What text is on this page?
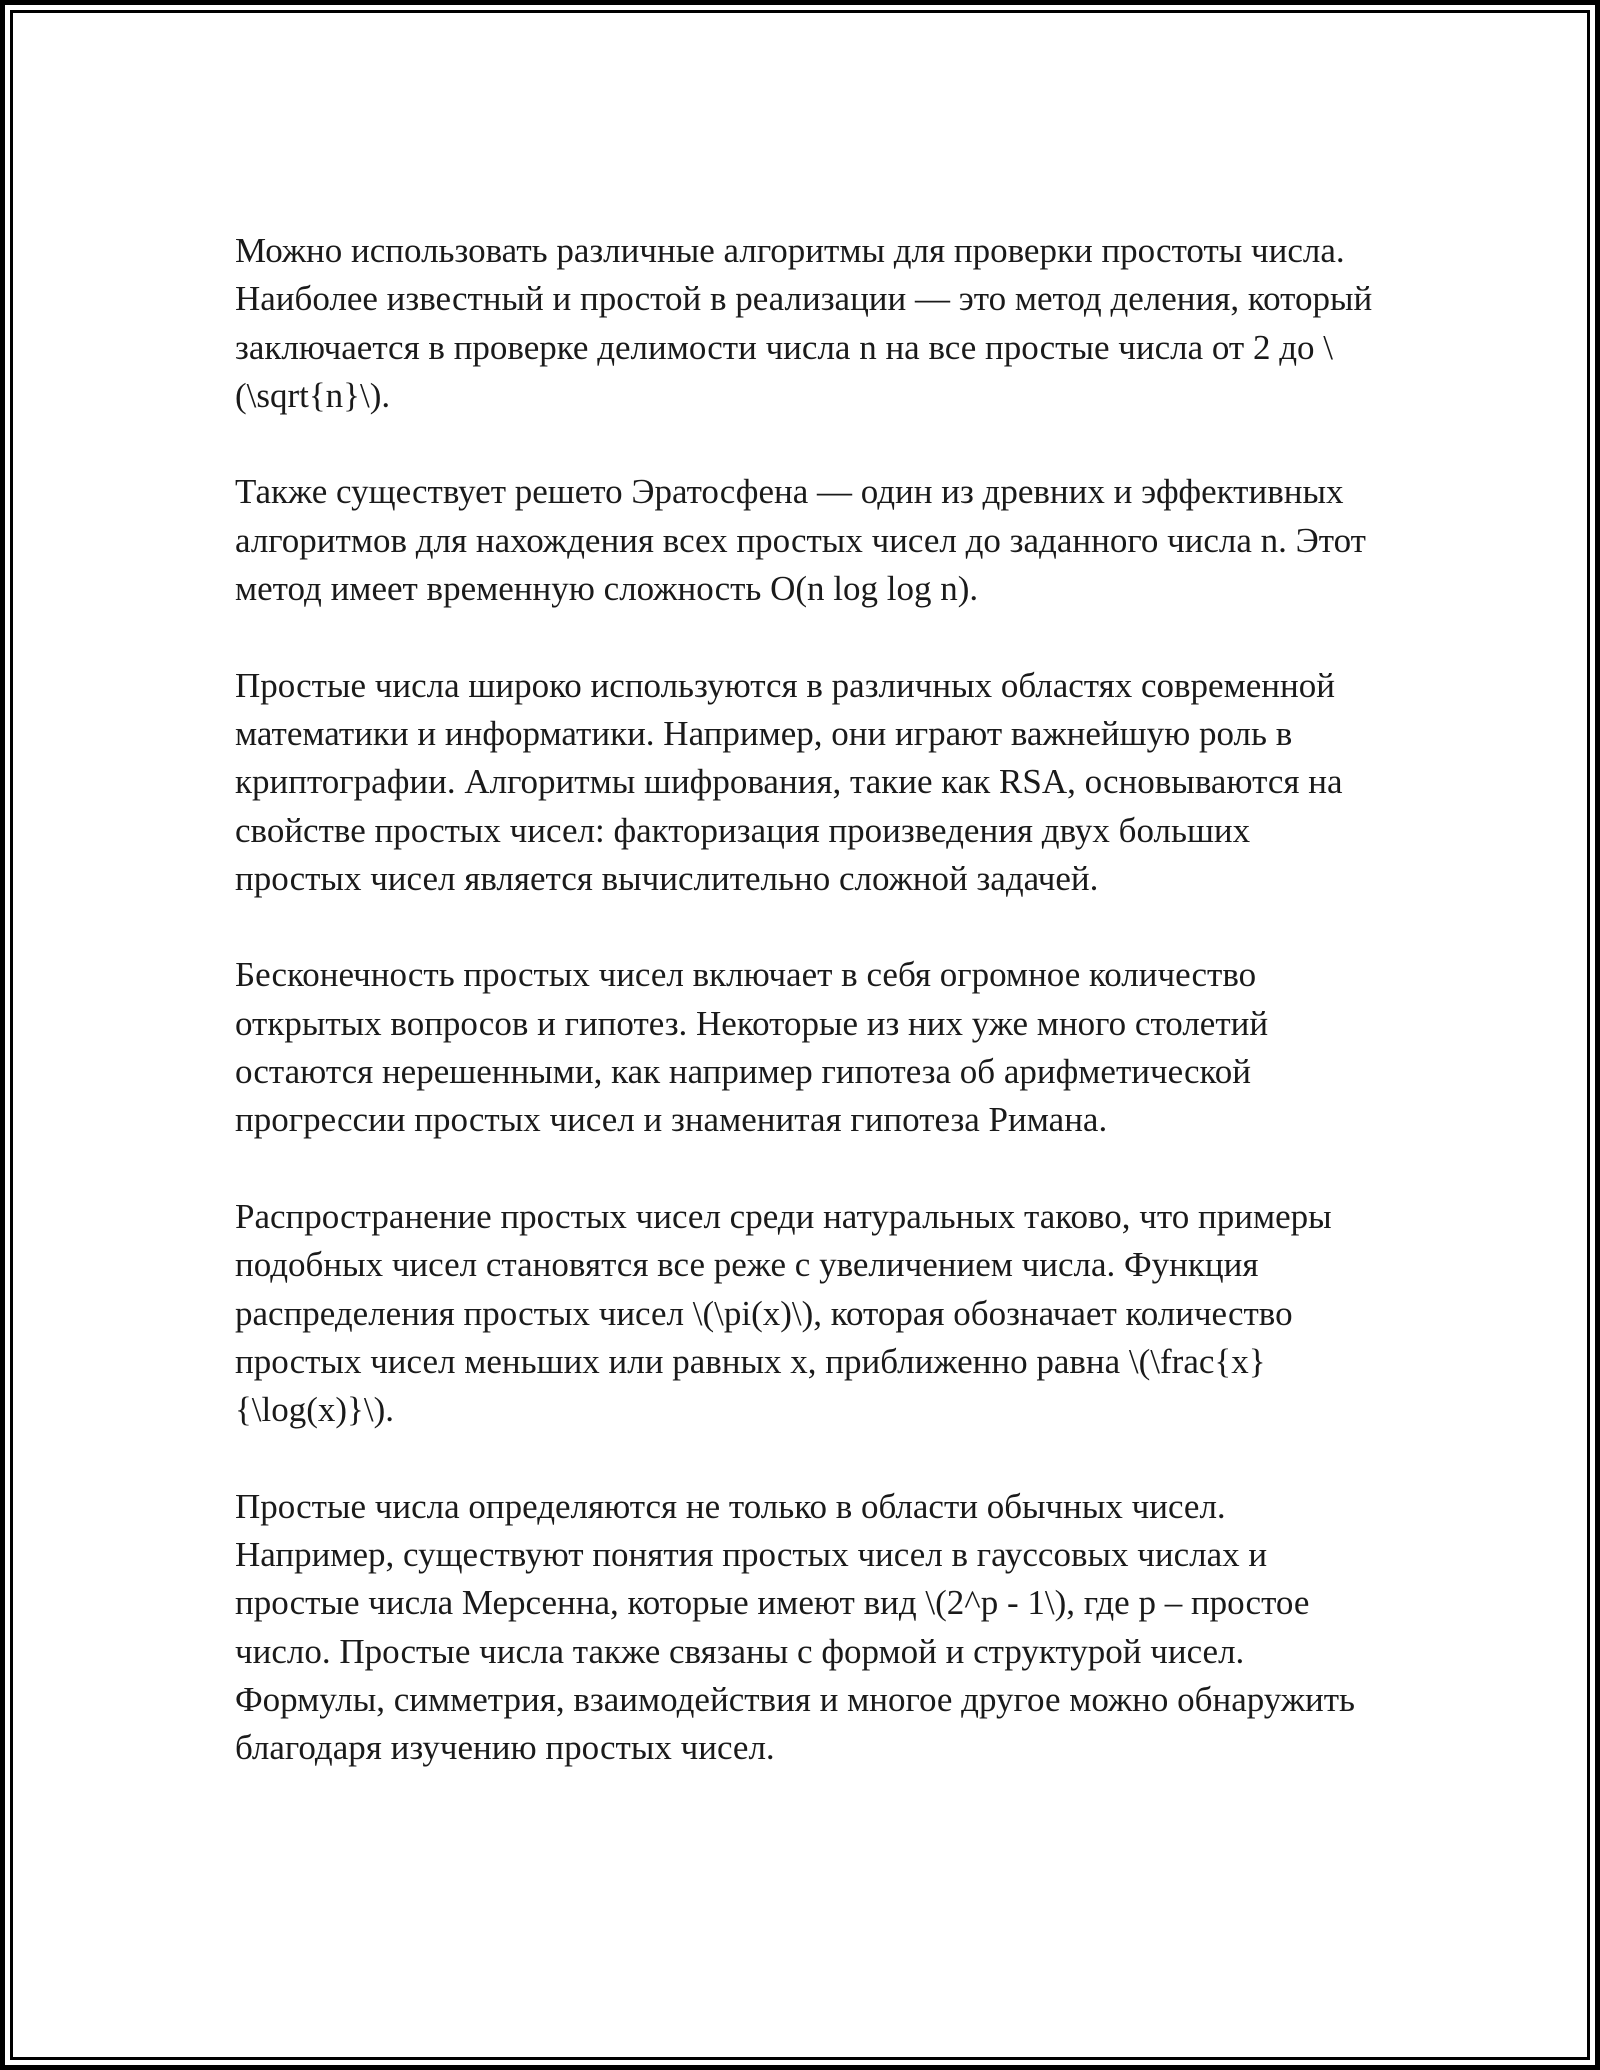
Можно использовать различные алгоритмы для проверки простоты числа. Наиболее известный и простой в реализации — это метод деления, который заключается в проверке делимости числа n на все простые числа от 2 до \(\sqrt{n}\).

Также существует решето Эратосфена — один из древних и эффективных алгоритмов для нахождения всех простых чисел до заданного числа n. Этот метод имеет временную сложность O(n log log n).

Простые числа широко используются в различных областях современной математики и информатики. Например, они играют важнейшую роль в криптографии. Алгоритмы шифрования, такие как RSA, основываются на свойстве простых чисел: факторизация произведения двух больших простых чисел является вычислительно сложной задачей.

Бесконечность простых чисел включает в себя огромное количество открытых вопросов и гипотез. Некоторые из них уже много столетий остаются нерешенными, как например гипотеза об арифметической прогрессии простых чисел и знаменитая гипотеза Римана.

Распространение простых чисел среди натуральных таково, что примеры подобных чисел становятся все реже с увеличением числа. Функция распределения простых чисел \(\pi(x)\), которая обозначает количество простых чисел меньших или равных x, приближенно равна \(\frac{x}{\log(x)}\).

Простые числа определяются не только в области обычных чисел. Например, существуют понятия простых чисел в гауссовых числах и простые числа Мерсенна, которые имеют вид \(2^p - 1\), где p – простое число. Простые числа также связаны с формой и структурой чисел. Формулы, симметрия, взаимодействия и многое другое можно обнаружить благодаря изучению простых чисел.
